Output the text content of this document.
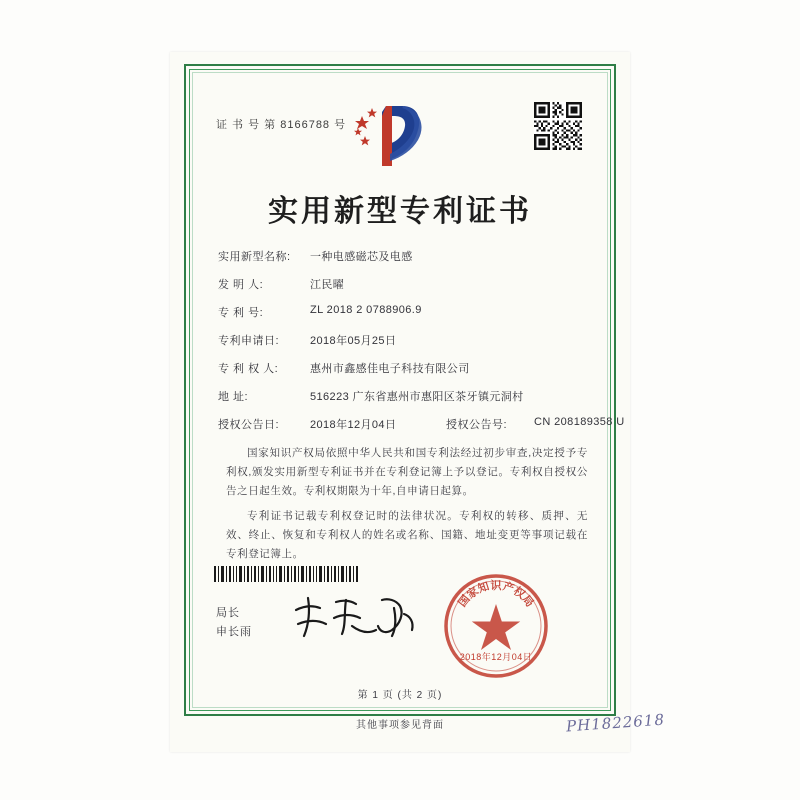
证 书 号 第 8166788 号
实用新型专利证书
实用新型名称:	一种电感磁芯及电感
发 明 人:	江民曜
专 利 号:	ZL 2018 2 0788906.9
专利申请日:	2018年05月25日
专 利 权 人:	惠州市鑫感佳电子科技有限公司
地 址:	516223 广东省惠州市惠阳区茶牙镇元洞村
授权公告日:	2018年12月04日	授权公告号: CN 208189358 U

国家知识产权局依照中华人民共和国专利法经过初步审查,决定授予专利权,颁发实用新型专利证书并在专利登记簿上予以登记。专利权自授权公告之日起生效。专利权期限为十年,自申请日起算。

专利证书记载专利权登记时的法律状况。专利权的转移、质押、无效、终止、恢复和专利权人的姓名或名称、国籍、地址变更等事项记载在专利登记簿上。

局长
申长雨
国
家
知 识 产
权
局
2018年12月04日
第 1 页 (共 2 页)
其他事项参见背面	PH1822618
